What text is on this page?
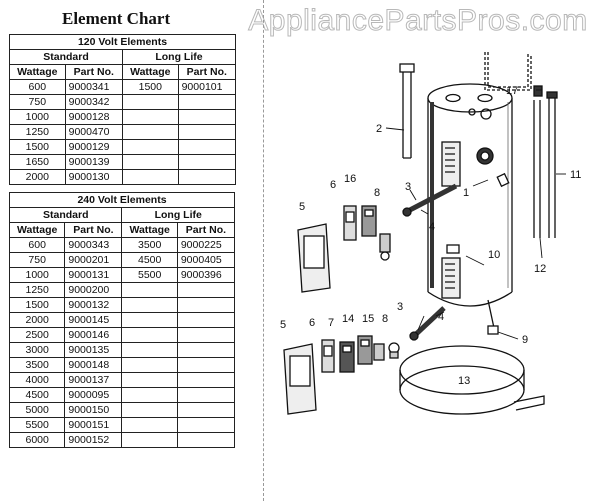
AppliancePartsPros.com
Element Chart
120 Volt Elements			
Standard		Long Life	
Wattage	Part No.	Wattage	Part No.
600	9000341	1500	9000101
750	9000342		
1000	9000128		
1250	9000470		
1500	9000129		
1650	9000139		
2000	9000130		
240 Volt Elements			
Standard		Long Life	
Wattage	Part No.	Wattage	Part No.
600	9000343	3500	9000225
750	9000201	4500	9000405
1000	9000131	5500	9000396
1250	9000200		
1500	9000132		
2000	9000145		
2500	9000146		
3000	9000135		
3500	9000148		
4000	9000137		
4500	9000095		
5000	9000150		
5500	9000151		
6000	9000152		
1
2
3
4
5
6 16
8
10
11
12
17
3
4
5 6 7 14 15 8
9
13
